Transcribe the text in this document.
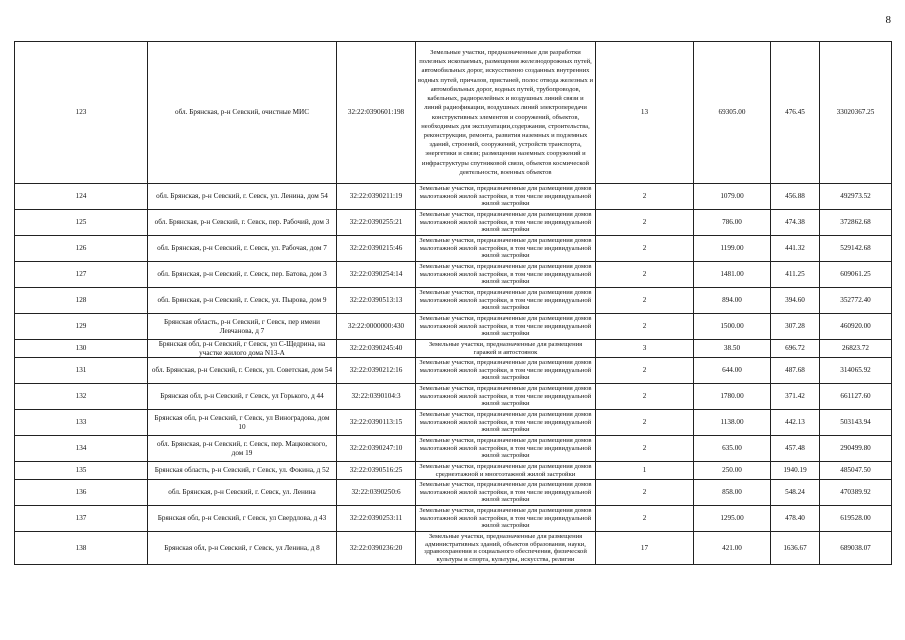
8
123	обл. Брянская, р-н Севский, очистные МИС	32:22:0390601:198	Земельные участки, предназначенные для разработки полезных ископаемых, размещения железнодорожных путей, автомобильных дорог, искусственно созданных внутренних водных путей, причалов, пристаней, полос отвода железных и автомобильных дорог, водных путей, трубопроводов, кабельных, радиорелейных и воздушных линий связи и линий радиофикации, воздушных линий электропередачи конструктивных элементов и сооружений, объектов, необходимых для эксплуатации,содержания, строительства, реконструкции, ремонта, развития наземных и подземных зданий, строений, сооружений, устройств транспорта, энергетики и связи; размещения наземных сооружений и инфраструктуры спутниковой связи, объектов космической деятельности, военных объектов	13	69305.00	476.45	33020367.25
124	обл. Брянская, р-н Севский, г. Севск, ул. Ленина, дом 54	32:22:0390211:19	Земельные участки, предназначенные для размещения домов малоэтажной жилой застройки, в том числе индивидуальной жилой застройки	2	1079.00	456.88	492973.52
125	обл. Брянская, р-н Севский, г. Севск, пер. Рабочий, дом 3	32:22:0390255:21	Земельные участки, предназначенные для размещения домов малоэтажной жилой застройки, в том числе индивидуальной жилой застройки	2	786.00	474.38	372862.68
126	обл. Брянская, р-н Севский, г. Севск, ул. Рабочая, дом 7	32:22:0390215:46	Земельные участки, предназначенные для размещения домов малоэтажной жилой застройки, в том числе индивидуальной жилой застройки	2	1199.00	441.32	529142.68
127	обл. Брянская, р-н Севский, г. Севск, пер. Батова, дом 3	32:22:0390254:14	Земельные участки, предназначенные для размещения домов малоэтажной жилой застройки, в том числе индивидуальной жилой застройки	2	1481.00	411.25	609061.25
128	обл. Брянская, р-н Севский, г. Севск, ул. Пырова, дом 9	32:22:0390513:13	Земельные участки, предназначенные для размещения домов малоэтажной жилой застройки, в том числе индивидуальной жилой застройки	2	894.00	394.60	352772.40
129	Брянская область, р-н Севский, г Севск, пер имени Левчанова, д 7	32:22:0000000:430	Земельные участки, предназначенные для размещения домов малоэтажной жилой застройки, в том числе индивидуальной жилой застройки	2	1500.00	307.28	460920.00
130	Брянская обл, р-н Севский, г Севск, ул С-Щедрина, на участке жилого дома N13-А	32:22:0390245:40	Земельные участки, предназначенные для размещения гаражей и автостоянок	3	38.50	696.72	26823.72
131	обл. Брянская, р-н Севский, г. Севск, ул. Советская, дом 54	32:22:0390212:16	Земельные участки, предназначенные для размещения домов малоэтажной жилой застройки, в том числе индивидуальной жилой застройки	2	644.00	487.68	314065.92
132	Брянская обл, р-н Севский, г Севск, ул Горького, д 44	32:22:0390104:3	Земельные участки, предназначенные для размещения домов малоэтажной жилой застройки, в том числе индивидуальной жилой застройки	2	1780.00	371.42	661127.60
133	Брянская обл, р-н Севский, г Севск, ул Виноградова, дом 10	32:22:0390113:15	Земельные участки, предназначенные для размещения домов малоэтажной жилой застройки, в том числе индивидуальной жилой застройки	2	1138.00	442.13	503143.94
134	обл. Брянская, р-н Севский, г. Севск, пер. Мацковского, дом 19	32:22:0390247:10	Земельные участки, предназначенные для размещения домов малоэтажной жилой застройки, в том числе индивидуальной жилой застройки	2	635.00	457.48	290499.80
135	Брянская область, р-н Севский, г Севск, ул. Фокина, д 52	32:22:0390516:25	Земельные участки, предназначенные для размещения домов среднеэтажной и многоэтажной жилой застройки	1	250.00	1940.19	485047.50
136	обл. Брянская, р-н Севский, г. Севск, ул. Ленина	32:22:0390250:6	Земельные участки, предназначенные для размещения домов малоэтажной жилой застройки, в том числе индивидуальной жилой застройки	2	858.00	548.24	470389.92
137	Брянская обл, р-н Севский, г Севск, ул Свердлова, д 43	32:22:0390253:11	Земельные участки, предназначенные для размещения домов малоэтажной жилой застройки, в том числе индивидуальной жилой застройки	2	1295.00	478.40	619528.00
138	Брянская обл, р-н Севский, г Севск, ул Ленина, д 8	32:22:0390236:20	Земельные участки, предназначенные для размещения административных зданий, объектов образования, науки, здравоохранения и социального обеспечения, физической культуры и спорта, культуры, искусства, религии	17	421.00	1636.67	689038.07
